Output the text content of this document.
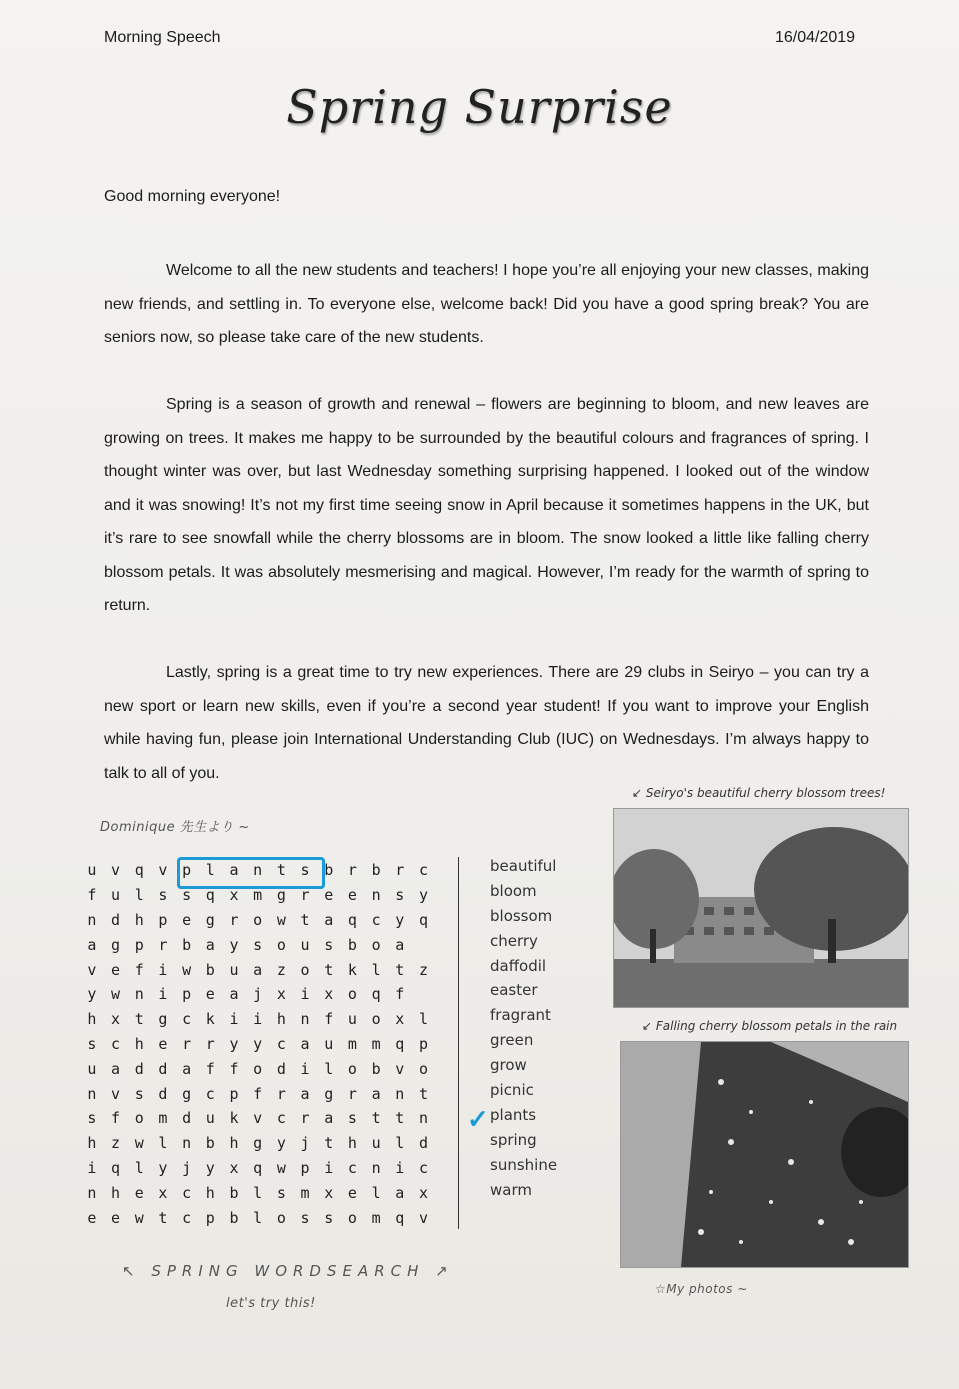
Morning Speech	16/04/2019
Spring Surprise
Good morning everyone!

Welcome to all the new students and teachers! I hope you’re all enjoying your new classes, making new friends, and settling in. To everyone else, welcome back! Did you have a good spring break? You are seniors now, so please take care of the new students.

Spring is a season of growth and renewal – flowers are beginning to bloom, and new leaves are growing on trees. It makes me happy to be surrounded by the beautiful colours and fragrances of spring. I thought winter was over, but last Wednesday something surprising happened. I looked out of the window and it was snowing! It’s not my first time seeing snow in April because it sometimes happens in the UK, but it’s rare to see snowfall while the cherry blossoms are in bloom. The snow looked a little like falling cherry blossom petals. It was absolutely mesmerising and magical. However, I’m ready for the warmth of spring to return.

Lastly, spring is a great time to try new experiences. There are 29 clubs in Seiryo – you can try a new sport or learn new skills, even if you’re a second year student! If you want to improve your English while having fun, please join International Understanding Club (IUC) on Wednesdays. I’m always happy to talk to all of you.

Dominique 先生より ~
u v q v p l a n t s b r b r c
f u l s s q x m g r e e n s y
n d h p e g r o w t a q c y q
a g p r b a y s o u s b o a
v e f i w b u a z o t k l t z
y w n i p e a j x i x o q f
h x t g c k i i h n f u o x l
s c h e r r y y c a u m m q p
u a d d a f f o d i l o b v o
n v s d g c p f r a g r a n t
s f o m d u k v c r a s t t n
h z w l n b h g y j t h u l d
i q l y j y x q w p i c n i c
n h e x c h b l s m x e l a x
e e w t c p b l o s s o m q v
beautiful
bloom
blossom
cherry
daffodil
easter
fragrant
green
grow
picnic
plants
spring
sunshine
warm
✓
↖ SPRING WORDSEARCH ↗
let's try this!
↙ Seiryo's beautiful cherry blossom trees!
↙ Falling cherry blossom petals in the rain
☆My photos ~
